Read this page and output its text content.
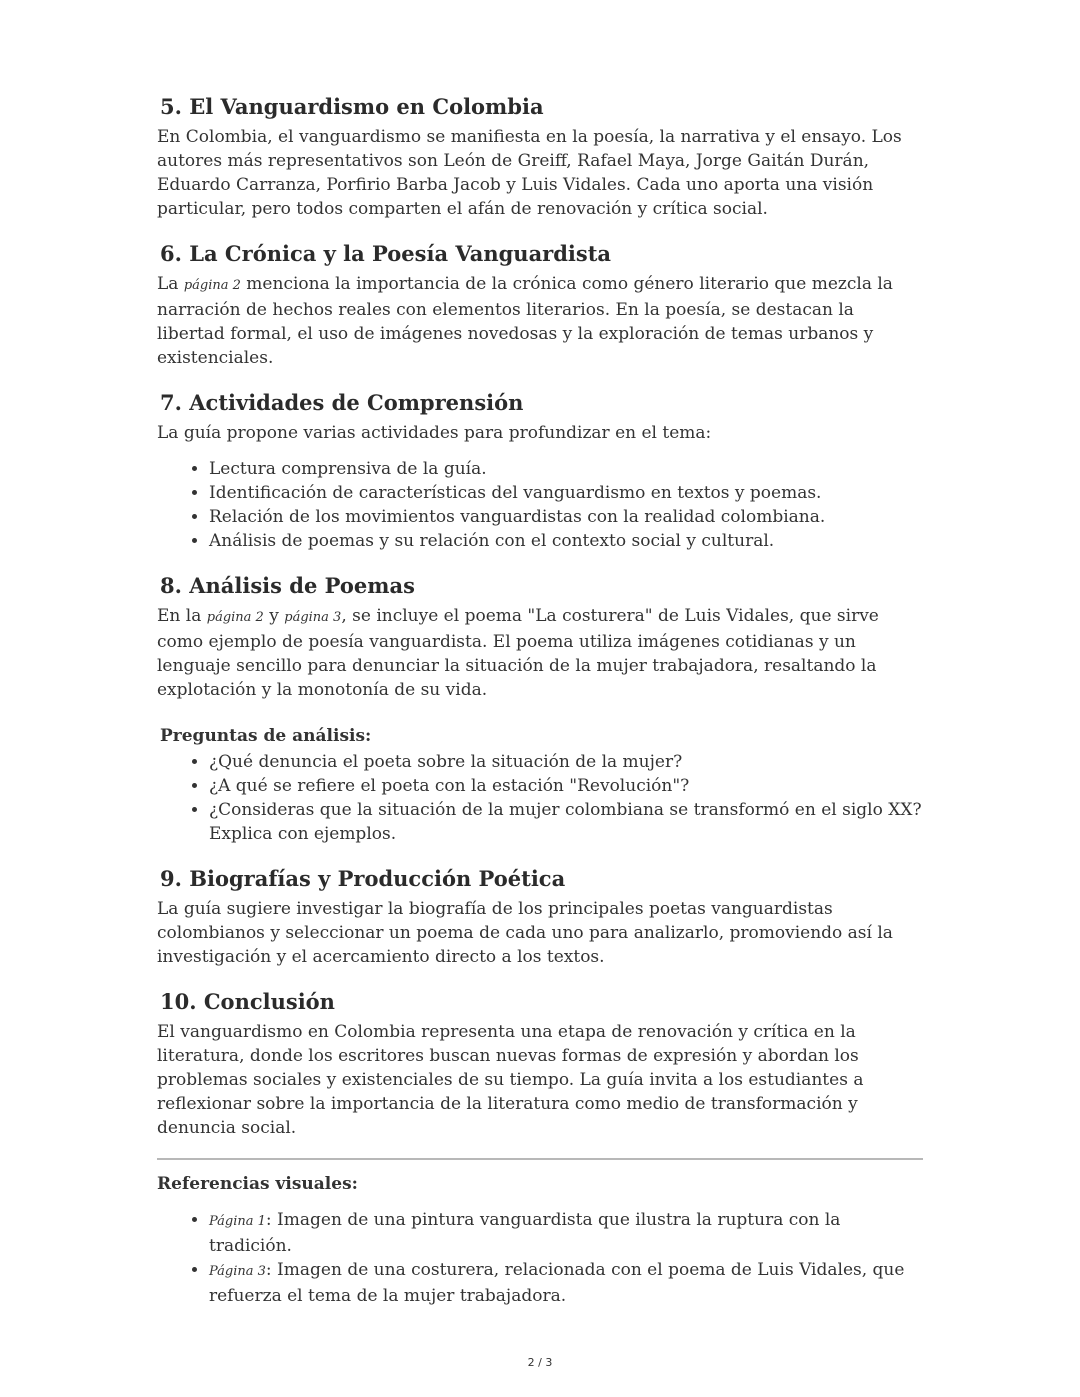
5. El Vanguardismo en Colombia

En Colombia, el vanguardismo se manifiesta en la poesía, la narrativa y el ensayo. Los autores más representativos son León de Greiff, Rafael Maya, Jorge Gaitán Durán, Eduardo Carranza, Porfirio Barba Jacob y Luis Vidales. Cada uno aporta una visión particular, pero todos comparten el afán de renovación y crítica social.

6. La Crónica y la Poesía Vanguardista

La página 2 menciona la importancia de la crónica como género literario que mezcla la narración de hechos reales con elementos literarios. En la poesía, se destacan la libertad formal, el uso de imágenes novedosas y la exploración de temas urbanos y existenciales.

7. Actividades de Comprensión

La guía propone varias actividades para profundizar en el tema:

• Lectura comprensiva de la guía.
• Identificación de características del vanguardismo en textos y poemas.
• Relación de los movimientos vanguardistas con la realidad colombiana.
• Análisis de poemas y su relación con el contexto social y cultural.
8. Análisis de Poemas

En la página 2 y página 3, se incluye el poema "La costurera" de Luis Vidales, que sirve como ejemplo de poesía vanguardista. El poema utiliza imágenes cotidianas y un lenguaje sencillo para denunciar la situación de la mujer trabajadora, resaltando la explotación y la monotonía de su vida.

Preguntas de análisis:
• ¿Qué denuncia el poeta sobre la situación de la mujer?
• ¿A qué se refiere el poeta con la estación "Revolución"?
• ¿Consideras que la situación de la mujer colombiana se transformó en el siglo XX? Explica con ejemplos.
9. Biografías y Producción Poética

La guía sugiere investigar la biografía de los principales poetas vanguardistas colombianos y seleccionar un poema de cada uno para analizarlo, promoviendo así la investigación y el acercamiento directo a los textos.

10. Conclusión

El vanguardismo en Colombia representa una etapa de renovación y crítica en la literatura, donde los escritores buscan nuevas formas de expresión y abordan los problemas sociales y existenciales de su tiempo. La guía invita a los estudiantes a reflexionar sobre la importancia de la literatura como medio de transformación y denuncia social.

Referencias visuales:
• Página 1: Imagen de una pintura vanguardista que ilustra la ruptura con la tradición.
• Página 3: Imagen de una costurera, relacionada con el poema de Luis Vidales, que refuerza el tema de la mujer trabajadora.
2 / 3
